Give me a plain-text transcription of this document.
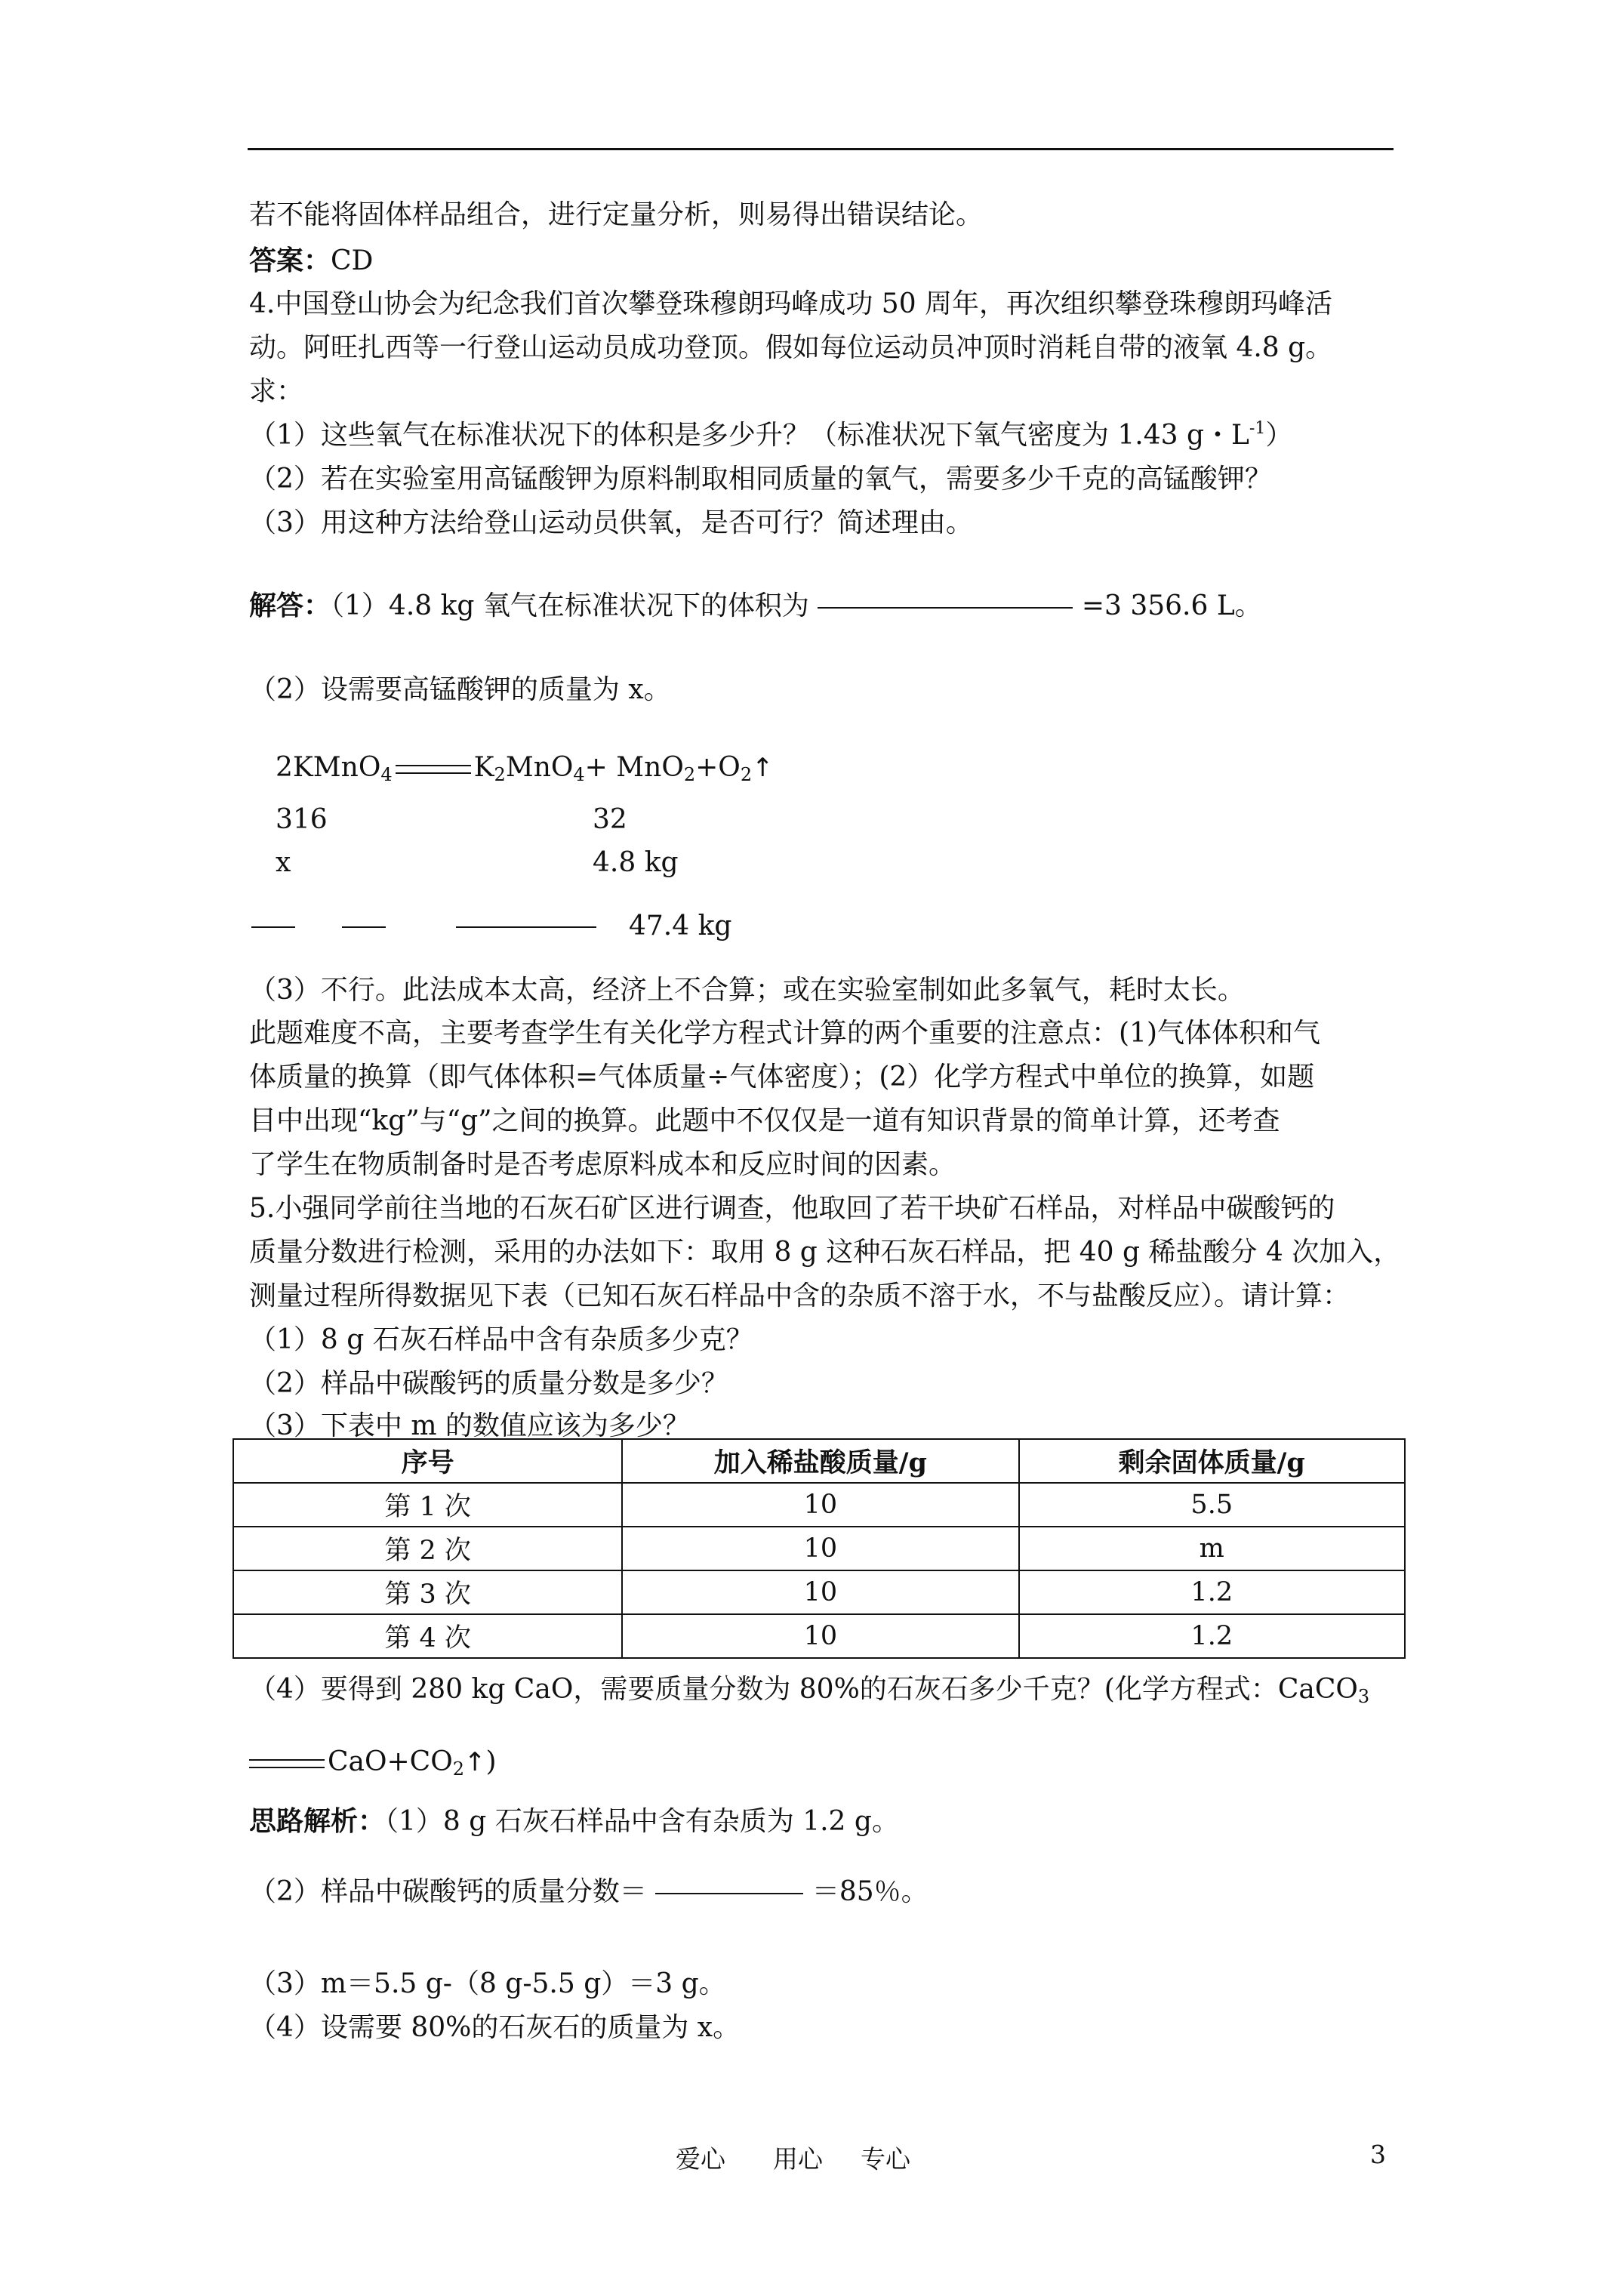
若不能将固体样品组合，进行定量分析，则易得出错误结论。
答案：CD
4.中国登山协会为纪念我们首次攀登珠穆朗玛峰成功 50 周年，再次组织攀登珠穆朗玛峰活
动。阿旺扎西等一行登山运动员成功登顶。假如每位运动员冲顶时消耗自带的液氧 4.8 g。
求：
（1）这些氧气在标准状况下的体积是多少升？（标准状况下氧气密度为 1.43 g・$L^{-1}$）
（2）若在实验室用高锰酸钾为原料制取相同质量的氧气，需要多少千克的高锰酸钾？
（3）用这种方法给登山运动员供氧，是否可行？简述理由。
解答：（1）4.8 kg 氧气在标准状况下的体积为	=3 356.6 L。
（2）设需要高锰酸钾的质量为 x。
2KMnO$_4$	$K_2MnO_4+$ $MnO_2+O_2↑$
316	32
x	4.8 kg
47.4 kg
（3）不行。此法成本太高，经济上不合算；或在实验室制如此多氧气，耗时太长。
此题难度不高，主要考查学生有关化学方程式计算的两个重要的注意点：(1)气体体积和气
体质量的换算（即气体体积=气体质量÷气体密度）；(2）化学方程式中单位的换算，如题
目中出现“kg”与“g”之间的换算。此题中不仅仅是一道有知识背景的简单计算，还考查
了学生在物质制备时是否考虑原料成本和反应时间的因素。
5.小强同学前往当地的石灰石矿区进行调查，他取回了若干块矿石样品，对样品中碳酸钙的
质量分数进行检测，采用的办法如下：取用 8 g 这种石灰石样品，把 40 g 稀盐酸分 4 次加入，
测量过程所得数据见下表（已知石灰石样品中含的杂质不溶于水，不与盐酸反应）。请计算：
（1）8 g 石灰石样品中含有杂质多少克？
（2）样品中碳酸钙的质量分数是多少？
（3）下表中 m 的数值应该为多少？
序号	加入稀盐酸质量/g	剩余固体质量/g
第 1 次	10	5.5
第 2 次	10	m
第 3 次	10	1.2
第 4 次	10	1.2
（4）要得到 280 kg CaO，需要质量分数为 80%的石灰石多少千克？(化学方程式：CaCO$_3$
$CaO+CO_2↑$)
思路解析：（1）8 g 石灰石样品中含有杂质为 1.2 g。
（2）样品中碳酸钙的质量分数＝	＝85％。
（3）m＝5.5 g-（8 g-5.5 g）＝3 g。
（4）设需要 80%的石灰石的质量为 x。
爱心 用心 专心	3
